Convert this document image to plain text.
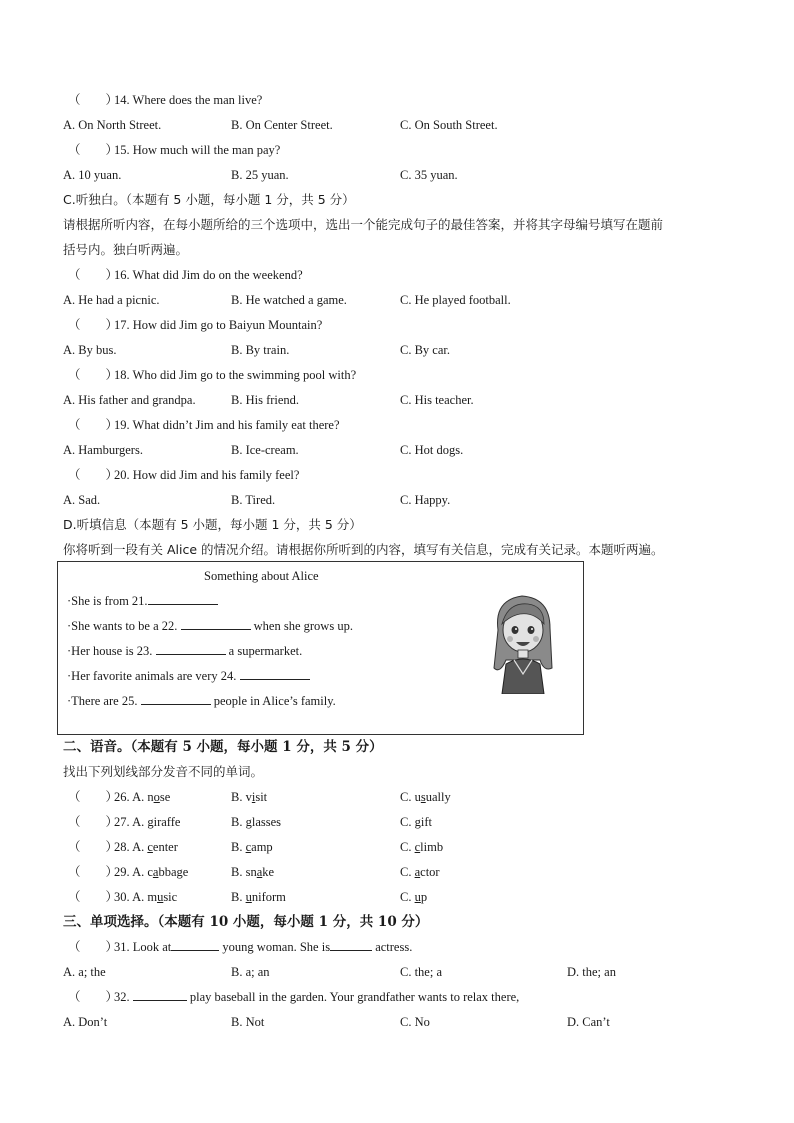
（　　）14. Where does the man live?
A. On North Street.	B. On Center Street.	C. On South Street.
（　　）15. How much will the man pay?
A. 10 yuan.	B. 25 yuan.	C. 35 yuan.
C.听独白。（本题有 5 小题，每小题 1 分，共 5 分）
请根据所听内容，在每小题所给的三个选项中，选出一个能完成句子的最佳答案，并将其字母编号填写在题前
括号内。独白听两遍。
（　　）16. What did Jim do on the weekend?
A. He had a picnic.	B. He watched a game.	C. He played football.
（　　）17. How did Jim go to Baiyun Mountain?
A. By bus.	B. By train.	C. By car.
（　　）18. Who did Jim go to the swimming pool with?
A. His father and grandpa.	B. His friend.	C. His teacher.
（　　）19. What didn’t Jim and his family eat there?
A. Hamburgers.	B. Ice-cream.	C. Hot dogs.
（　　）20. How did Jim and his family feel?
A. Sad.	B. Tired.	C. Happy.
D.听填信息（本题有 5 小题，每小题 1 分，共 5 分）
你将听到一段有关 Alice 的情况介绍。请根据你所听到的内容，填写有关信息，完成有关记录。本题听两遍。
Something about Alice
·She is from 21.
·She wants to be a 22.	when she grows up.
·Her house is 23.	a supermarket.
·Her favorite animals are very 24.
·There are 25.	people in Alice’s family.
二、语音。（本题有 5 小题，每小题 1 分，共 5 分）
找出下列划线部分发音不同的单词。
（　　）26. A. nose	B. visit	C. usually
（　　）27. A. giraffe	B. glasses	C. gift
（　　）28. A. center	B. camp	C. climb
（　　）29. A. cabbage	B. snake	C. actor
（　　）30. A. music	B. uniform	C. up
三、单项选择。（本题有 10 小题，每小题 1 分，共 10 分）
（　　）31. Look at	young woman. She is	actress.
A. a; the	B. a; an	C. the; a	D. the; an
（　　）32.	play baseball in the garden. Your grandfather wants to relax there,
A. Don’t	B. Not	C. No	D. Can’t
